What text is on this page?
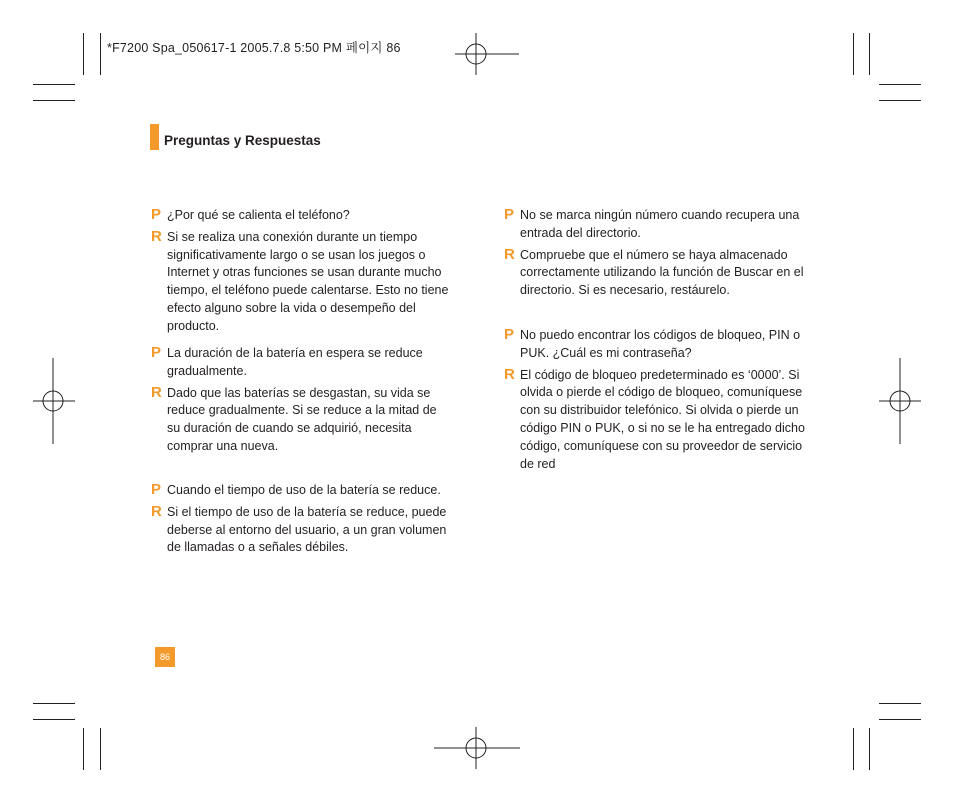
*F7200 Spa_050617-1 2005.7.8 5:50 PM 페이지 86
Preguntas y Respuestas

P ¿Por qué se calienta el teléfono?

R Si se realiza una conexión durante un tiempo significativamente largo o se usan los juegos o Internet y otras funciones se usan durante mucho tiempo, el teléfono puede calentarse. Esto no tiene efecto alguno sobre la vida o desempeño del producto.

P La duración de la batería en espera se reduce gradualmente.

R Dado que las baterías se desgastan, su vida se reduce gradualmente. Si se reduce a la mitad de su duración de cuando se adquirió, necesita comprar una nueva.

P Cuando el tiempo de uso de la batería se reduce.

R Si el tiempo de uso de la batería se reduce, puede deberse al entorno del usuario, a un gran volumen de llamadas o a señales débiles.

P No se marca ningún número cuando recupera una entrada del directorio.

R Compruebe que el número se haya almacenado correctamente utilizando la función de Buscar en el directorio. Si es necesario, restáurelo.

P No puedo encontrar los códigos de bloqueo, PIN o PUK. ¿Cuál es mi contraseña?

R El código de bloqueo predeterminado es ‘0000’. Si olvida o pierde el código de bloqueo, comuníquese con su distribuidor telefónico. Si olvida o pierde un código PIN o PUK, o si no se le ha entregado dicho código, comuníquese con su proveedor de servicio de red

86
